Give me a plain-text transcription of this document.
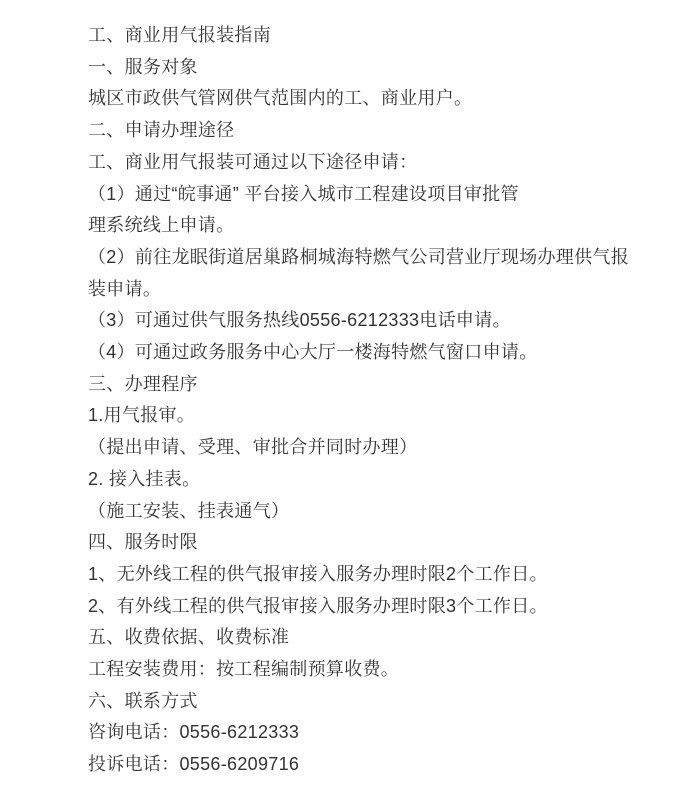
工、商业用气报装指南

一、服务对象

城区市政供气管网供气范围内的工、商业用户。

二、申请办理途径

工、商业用气报装可通过以下途径申请：

（1）通过“皖事通” 平台接入城市工程建设项目审批管

理系统线上申请。

（2）前往龙眠街道居巢路桐城海特燃气公司营业厅现场办理供气报

装申请。

（3）可通过供气服务热线0556-6212333电话申请。

（4）可通过政务服务中心大厅一楼海特燃气窗口申请。

三、办理程序

1.用气报审。

（提出申请、受理、审批合并同时办理）

2. 接入挂表。

（施工安装、挂表通气）

四、服务时限

1、无外线工程的供气报审接入服务办理时限2个工作日。

2、有外线工程的供气报审接入服务办理时限3个工作日。

五、收费依据、收费标准

工程安装费用：按工程编制预算收费。

六、联系方式

咨询电话：0556-6212333

投诉电话：0556-6209716
